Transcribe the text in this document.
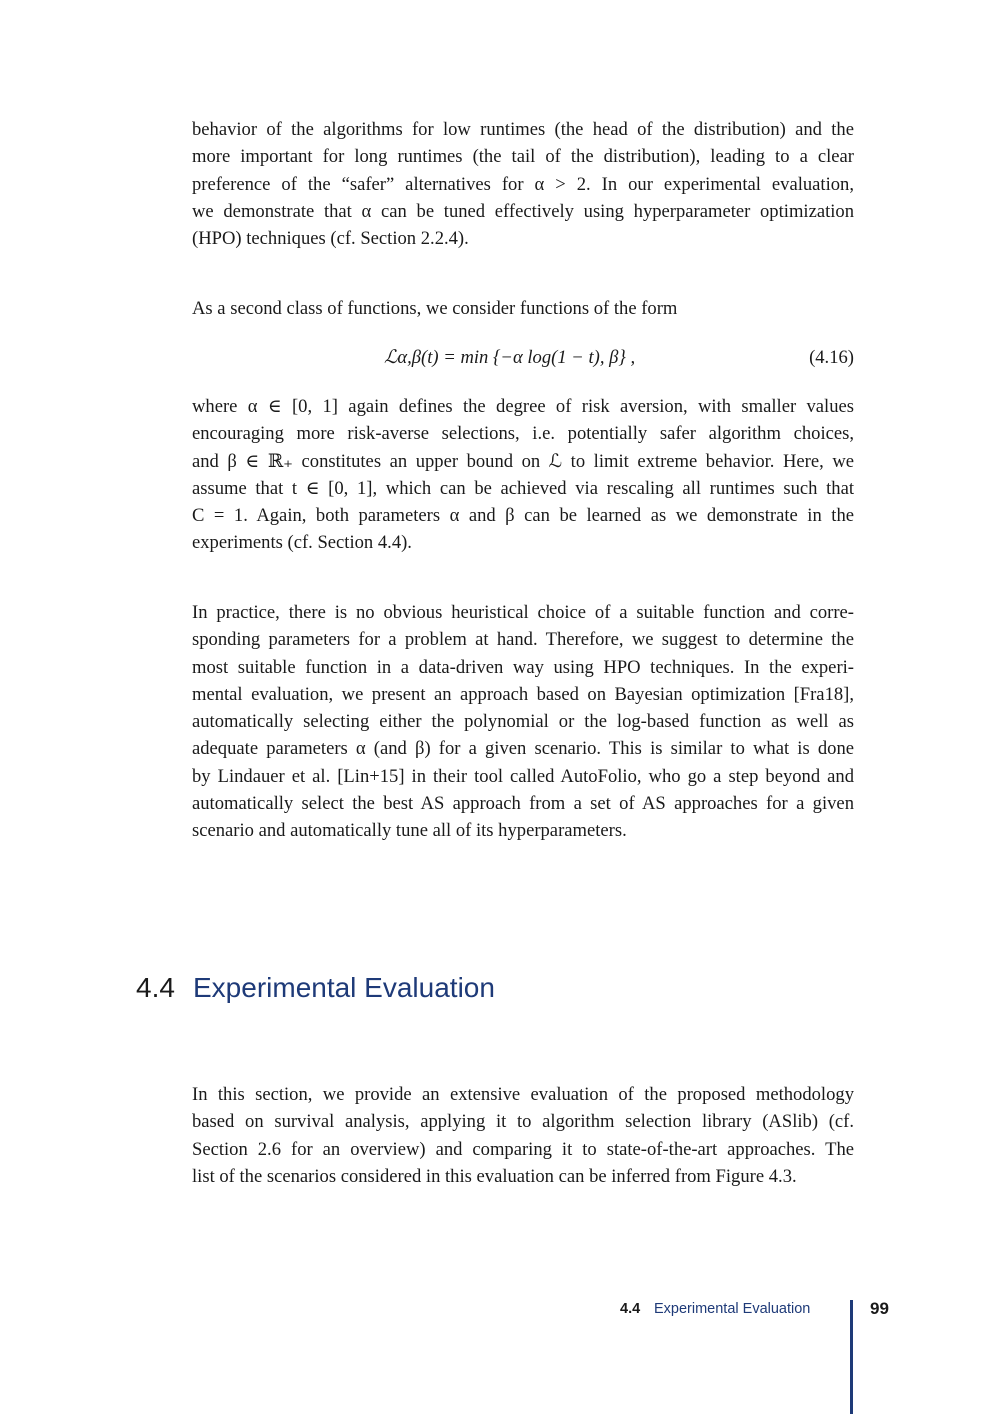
behavior of the algorithms for low runtimes (the head of the distribution) and the
more important for long runtimes (the tail of the distribution), leading to a clear
preference of the “safer” alternatives for α > 2. In our experimental evaluation,
we demonstrate that α can be tuned effectively using hyperparameter optimization
(HPO) techniques (cf. Section 2.2.4).
As a second class of functions, we consider functions of the form
ℒα,β(t) = min {−α log(1 − t), β} ,	(4.16)
where α ∈ [0, 1] again defines the degree of risk aversion, with smaller values
encouraging more risk-averse selections, i.e. potentially safer algorithm choices,
and β ∈ ℝ₊ constitutes an upper bound on ℒ to limit extreme behavior. Here, we
assume that t ∈ [0, 1], which can be achieved via rescaling all runtimes such that
C = 1. Again, both parameters α and β can be learned as we demonstrate in the
experiments (cf. Section 4.4).
In practice, there is no obvious heuristical choice of a suitable function and corre-
sponding parameters for a problem at hand. Therefore, we suggest to determine the
most suitable function in a data-driven way using HPO techniques. In the experi-
mental evaluation, we present an approach based on Bayesian optimization [Fra18],
automatically selecting either the polynomial or the log-based function as well as
adequate parameters α (and β) for a given scenario. This is similar to what is done
by Lindauer et al. [Lin+15] in their tool called AutoFolio, who go a step beyond and
automatically select the best AS approach from a set of AS approaches for a given
scenario and automatically tune all of its hyperparameters.
4.4 Experimental Evaluation
In this section, we provide an extensive evaluation of the proposed methodology
based on survival analysis, applying it to algorithm selection library (ASlib) (cf.
Section 2.6 for an overview) and comparing it to state-of-the-art approaches. The
list of the scenarios considered in this evaluation can be inferred from Figure 4.3.
4.4 Experimental Evaluation	99
